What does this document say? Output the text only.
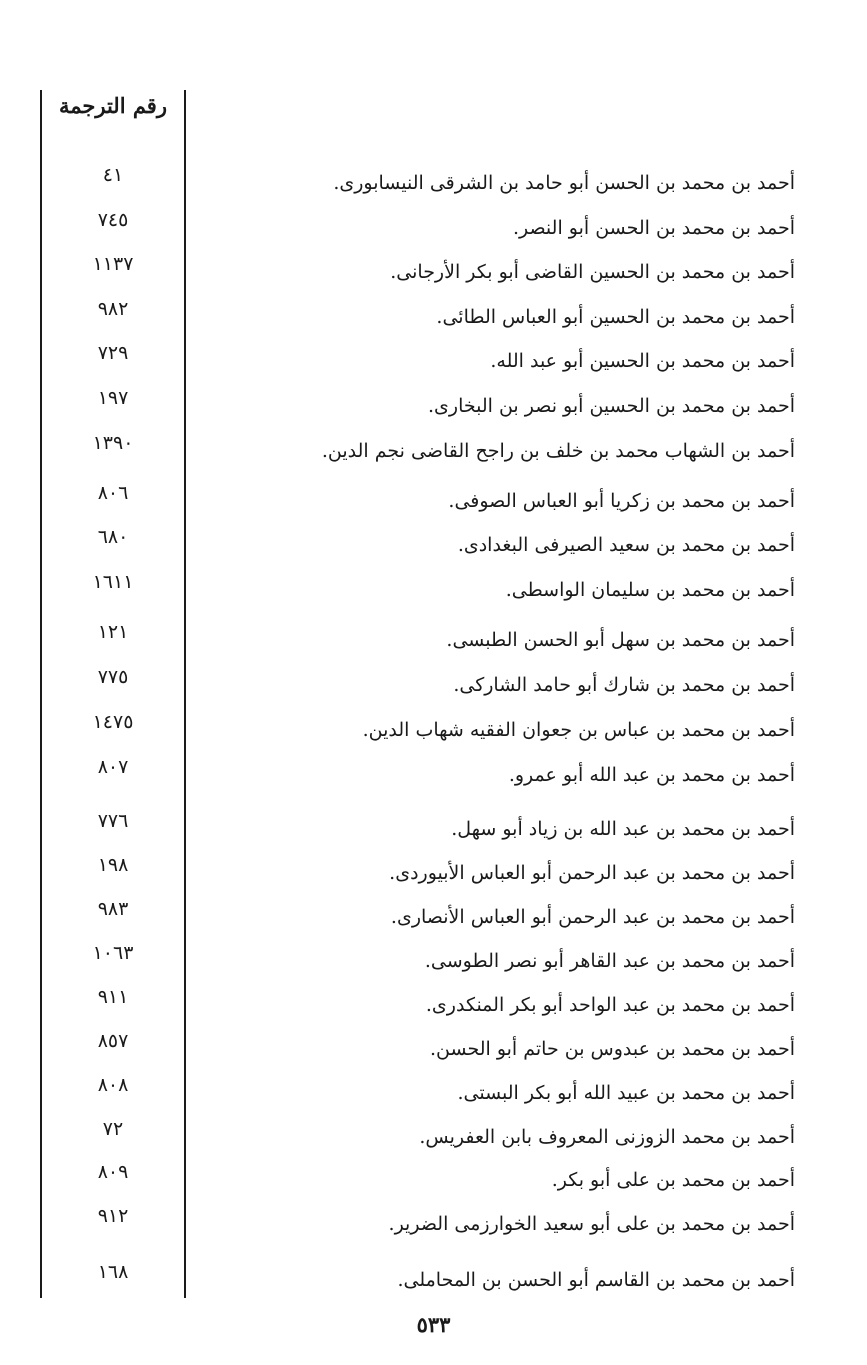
رقم الترجمة
أحمد بن محمد بن الحسن أبو حامد بن الشرقى النيسابورى.
٤١
أحمد بن محمد بن الحسن أبو النصر.
٧٤٥
أحمد بن محمد بن الحسين القاضى أبو بكر الأرجانى.
١١٣٧
أحمد بن محمد بن الحسين أبو العباس الطائى.
٩٨٢
أحمد بن محمد بن الحسين أبو عبد الله.
٧٢٩
أحمد بن محمد بن الحسين أبو نصر بن البخارى.
١٩٧
أحمد بن الشهاب محمد بن خلف بن راجح القاضى نجم الدين.
١٣٩٠
أحمد بن محمد بن زكريا أبو العباس الصوفى.
٨٠٦
أحمد بن محمد بن سعيد الصيرفى البغدادى.
٦٨٠
أحمد بن محمد بن سليمان الواسطى.
١٦١١
أحمد بن محمد بن سهل أبو الحسن الطبسى.
١٢١
أحمد بن محمد بن شارك أبو حامد الشاركى.
٧٧٥
أحمد بن محمد بن عباس بن جعوان الفقيه شهاب الدين.
١٤٧٥
أحمد بن محمد بن عبد الله أبو عمرو.
٨٠٧
أحمد بن محمد بن عبد الله بن زياد أبو سهل.
٧٧٦
أحمد بن محمد بن عبد الرحمن أبو العباس الأبيوردى.
١٩٨
أحمد بن محمد بن عبد الرحمن أبو العباس الأنصارى.
٩٨٣
أحمد بن محمد بن عبد القاهر أبو نصر الطوسى.
١٠٦٣
أحمد بن محمد بن عبد الواحد أبو بكر المنكدرى.
٩١١
أحمد بن محمد بن عبدوس بن حاتم أبو الحسن.
٨٥٧
أحمد بن محمد بن عبيد الله أبو بكر البستى.
٨٠٨
أحمد بن محمد الزوزنى المعروف بابن العفريس.
٧٢
أحمد بن محمد بن على أبو بكر.
٨٠٩
أحمد بن محمد بن على أبو سعيد الخوارزمى الضرير.
٩١٢
أحمد بن محمد بن القاسم أبو الحسن بن المحاملى.
١٦٨
٥٣٣
